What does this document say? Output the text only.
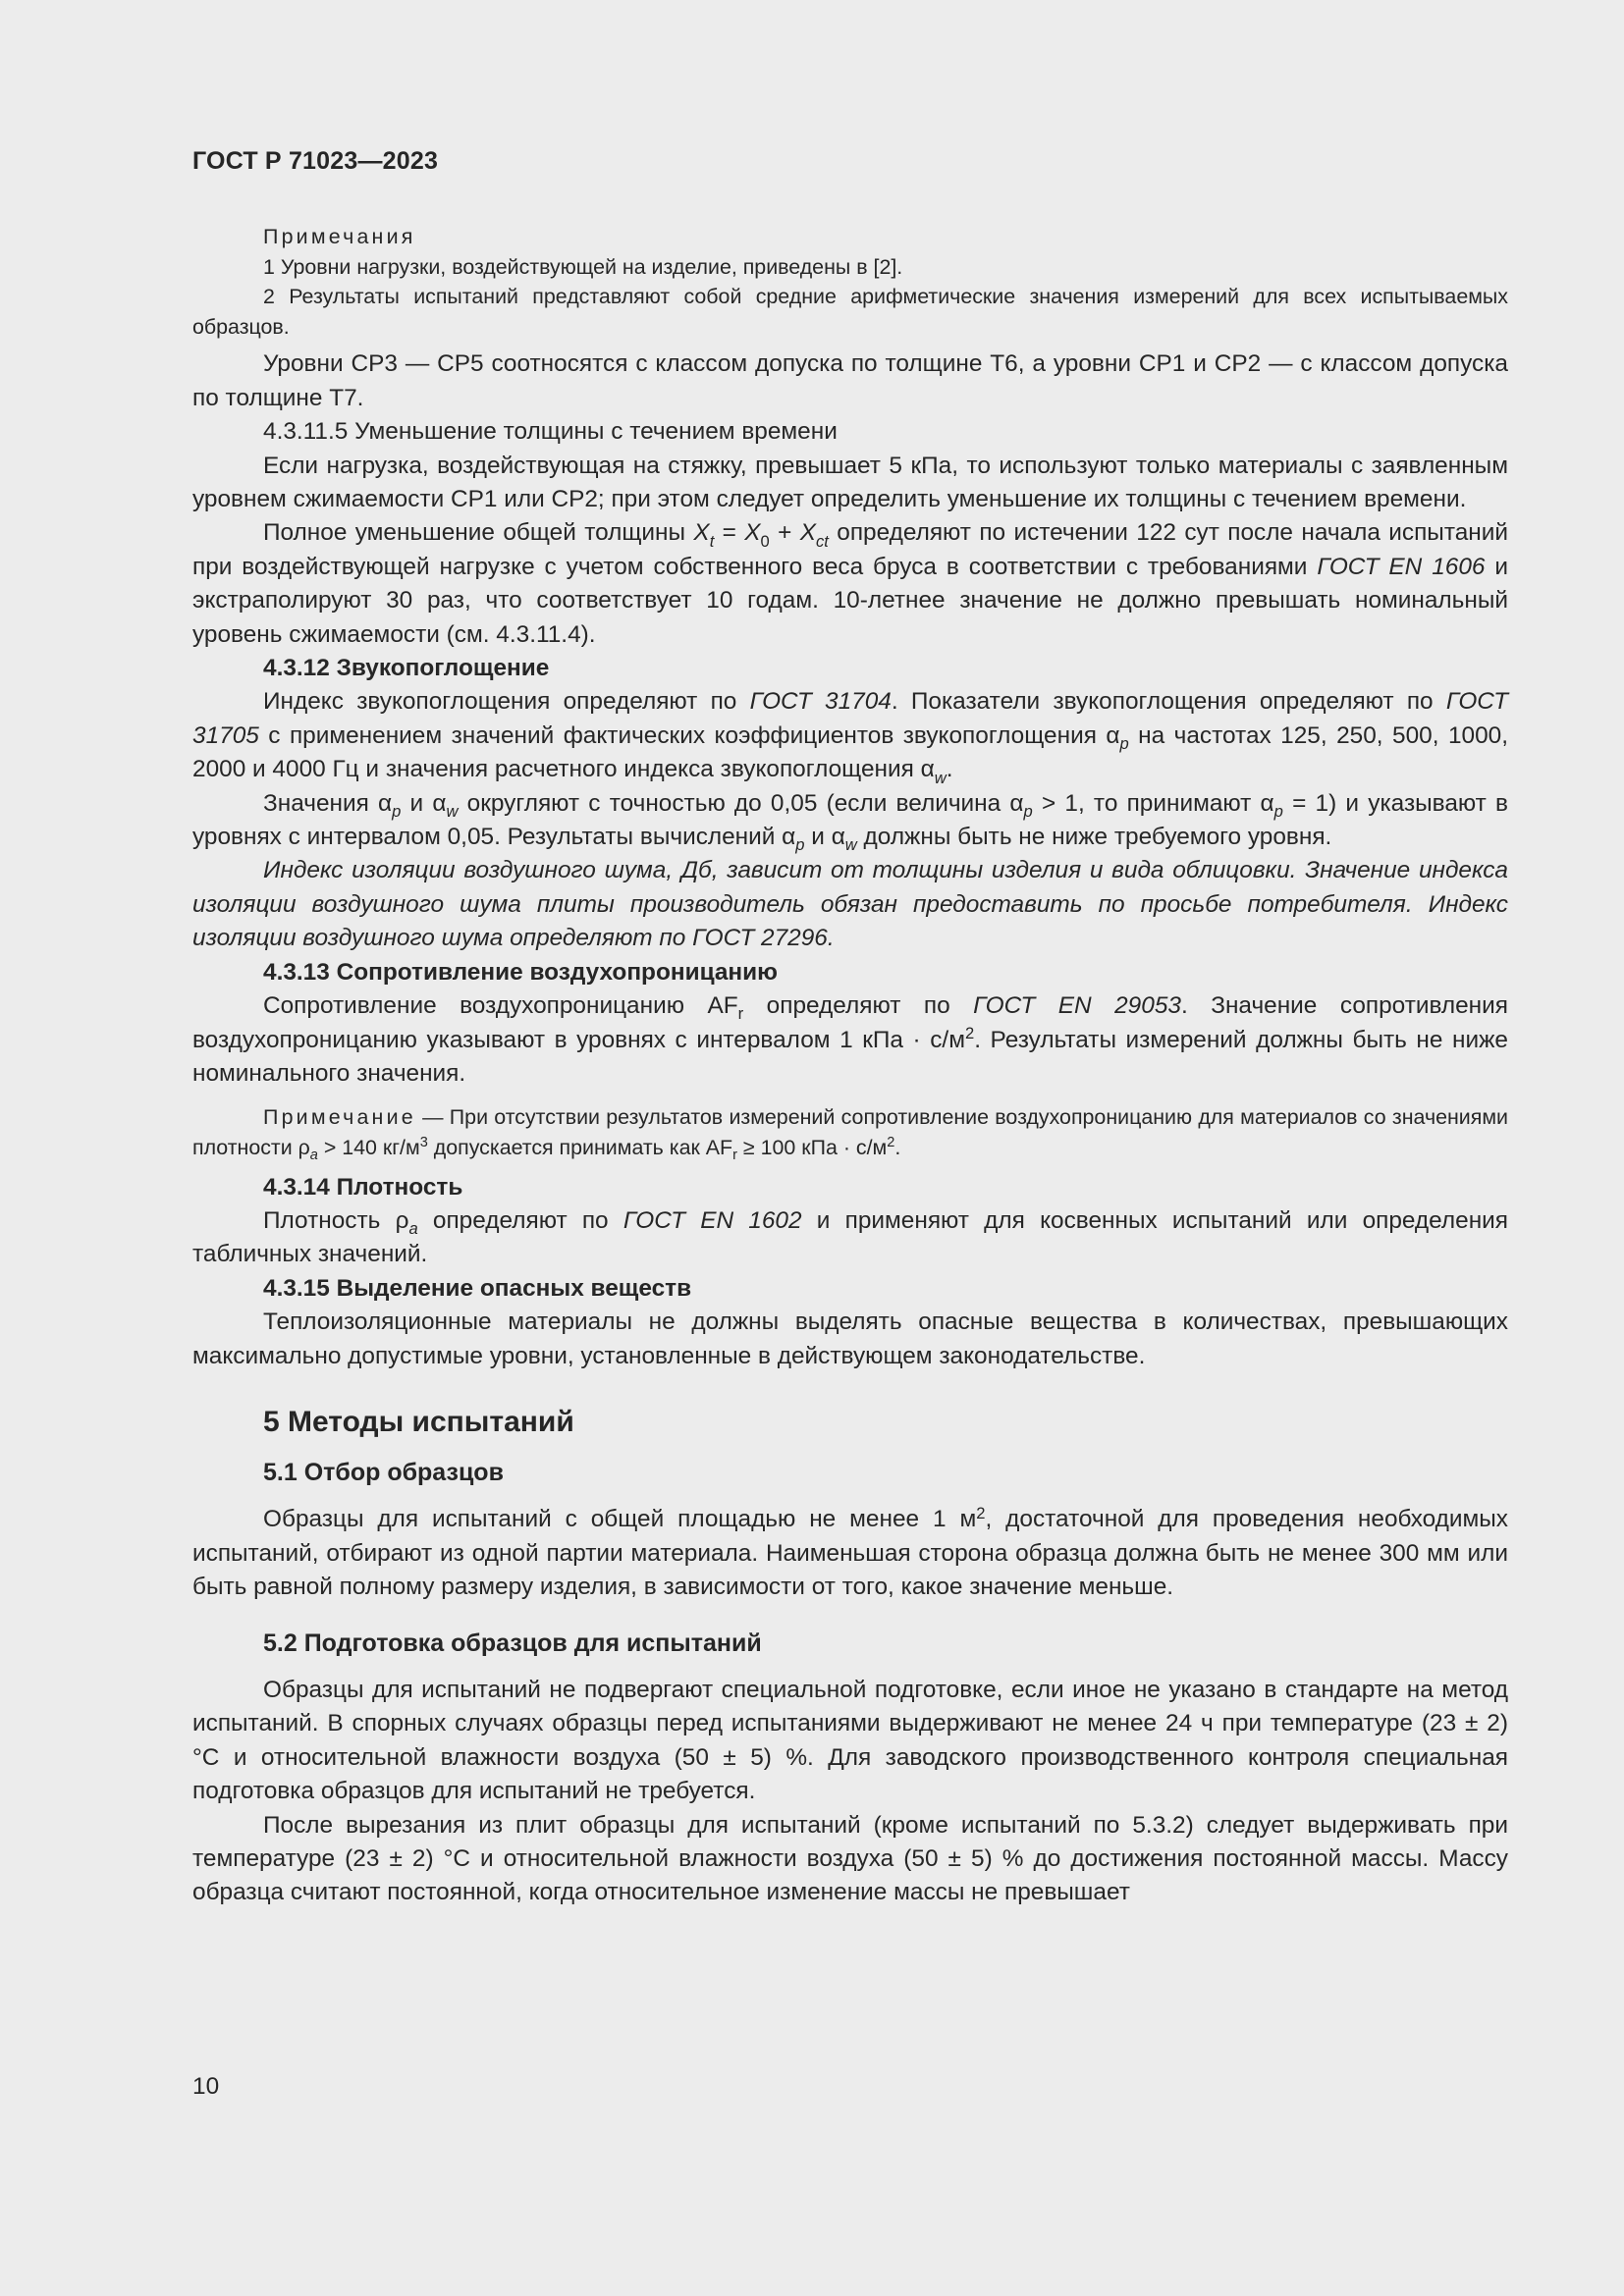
ГОСТ Р 71023—2023

Примечания

1 Уровни нагрузки, воздействующей на изделие, приведены в [2].

2 Результаты испытаний представляют собой средние арифметические значения измерений для всех испытываемых образцов.

Уровни CP3 — CP5 соотносятся с классом допуска по толщине T6, а уровни CP1 и CP2 — с классом допуска по толщине T7.

4.3.11.5 Уменьшение толщины с течением времени

Если нагрузка, воздействующая на стяжку, превышает 5 кПа, то используют только материалы с заявленным уровнем сжимаемости CP1 или CP2; при этом следует определить уменьшение их толщины с течением времени.

Полное уменьшение общей толщины $X_t = X_0 + X_{ct}$ определяют по истечении 122 сут после начала испытаний при воздействующей нагрузке с учетом собственного веса бруса в соответствии с требованиями ГОСТ EN 1606 и экстраполируют 30 раз, что соответствует 10 годам. 10-летнее значение не должно превышать номинальный уровень сжимаемости (см. 4.3.11.4).

4.3.12 Звукопоглощение

Индекс звукопоглощения определяют по ГОСТ 31704. Показатели звукопоглощения определяют по ГОСТ 31705 с применением значений фактических коэффициентов звукопоглощения $\alpha_p$ на частотах 125, 250, 500, 1000, 2000 и 4000 Гц и значения расчетного индекса звукопоглощения $\alpha_w$.

Значения $\alpha_p$ и $\alpha_w$ округляют с точностью до 0,05 (если величина $\alpha_p > 1$, то принимают $\alpha_p = 1$) и указывают в уровнях с интервалом 0,05. Результаты вычислений $\alpha_p$ и $\alpha_w$ должны быть не ниже требуемого уровня.

Индекс изоляции воздушного шума, Дб, зависит от толщины изделия и вида облицовки. Значение индекса изоляции воздушного шума плиты производитель обязан предоставить по просьбе потребителя. Индекс изоляции воздушного шума определяют по ГОСТ 27296.

4.3.13 Сопротивление воздухопроницанию

Сопротивление воздухопроницанию $AF_r$ определяют по ГОСТ EN 29053. Значение сопротивления воздухопроницанию указывают в уровнях с интервалом 1 кПа · $с/м^2$. Результаты измерений должны быть не ниже номинального значения.

Примечание — При отсутствии результатов измерений сопротивление воздухопроницанию для материалов со значениями плотности $\rho_a > 140$ $кг/м^3$ допускается принимать как $AF_r \ge 100$ кПа · $с/м^2$.

4.3.14 Плотность

Плотность $\rho_a$ определяют по ГОСТ EN 1602 и применяют для косвенных испытаний или определения табличных значений.

4.3.15 Выделение опасных веществ

Теплоизоляционные материалы не должны выделять опасные вещества в количествах, превышающих максимально допустимые уровни, установленные в действующем законодательстве.

5 Методы испытаний

5.1 Отбор образцов

Образцы для испытаний с общей площадью не менее 1 $м^2$, достаточной для проведения необходимых испытаний, отбирают из одной партии материала. Наименьшая сторона образца должна быть не менее 300 мм или быть равной полному размеру изделия, в зависимости от того, какое значение меньше.

5.2 Подготовка образцов для испытаний

Образцы для испытаний не подвергают специальной подготовке, если иное не указано в стандарте на метод испытаний. В спорных случаях образцы перед испытаниями выдерживают не менее 24 ч при температуре (23 ± 2) °C и относительной влажности воздуха (50 ± 5) %. Для заводского производственного контроля специальная подготовка образцов для испытаний не требуется.

После вырезания из плит образцы для испытаний (кроме испытаний по 5.3.2) следует выдерживать при температуре (23 ± 2) °C и относительной влажности воздуха (50 ± 5) % до достижения постоянной массы. Массу образца считают постоянной, когда относительное изменение массы не превышает

10
